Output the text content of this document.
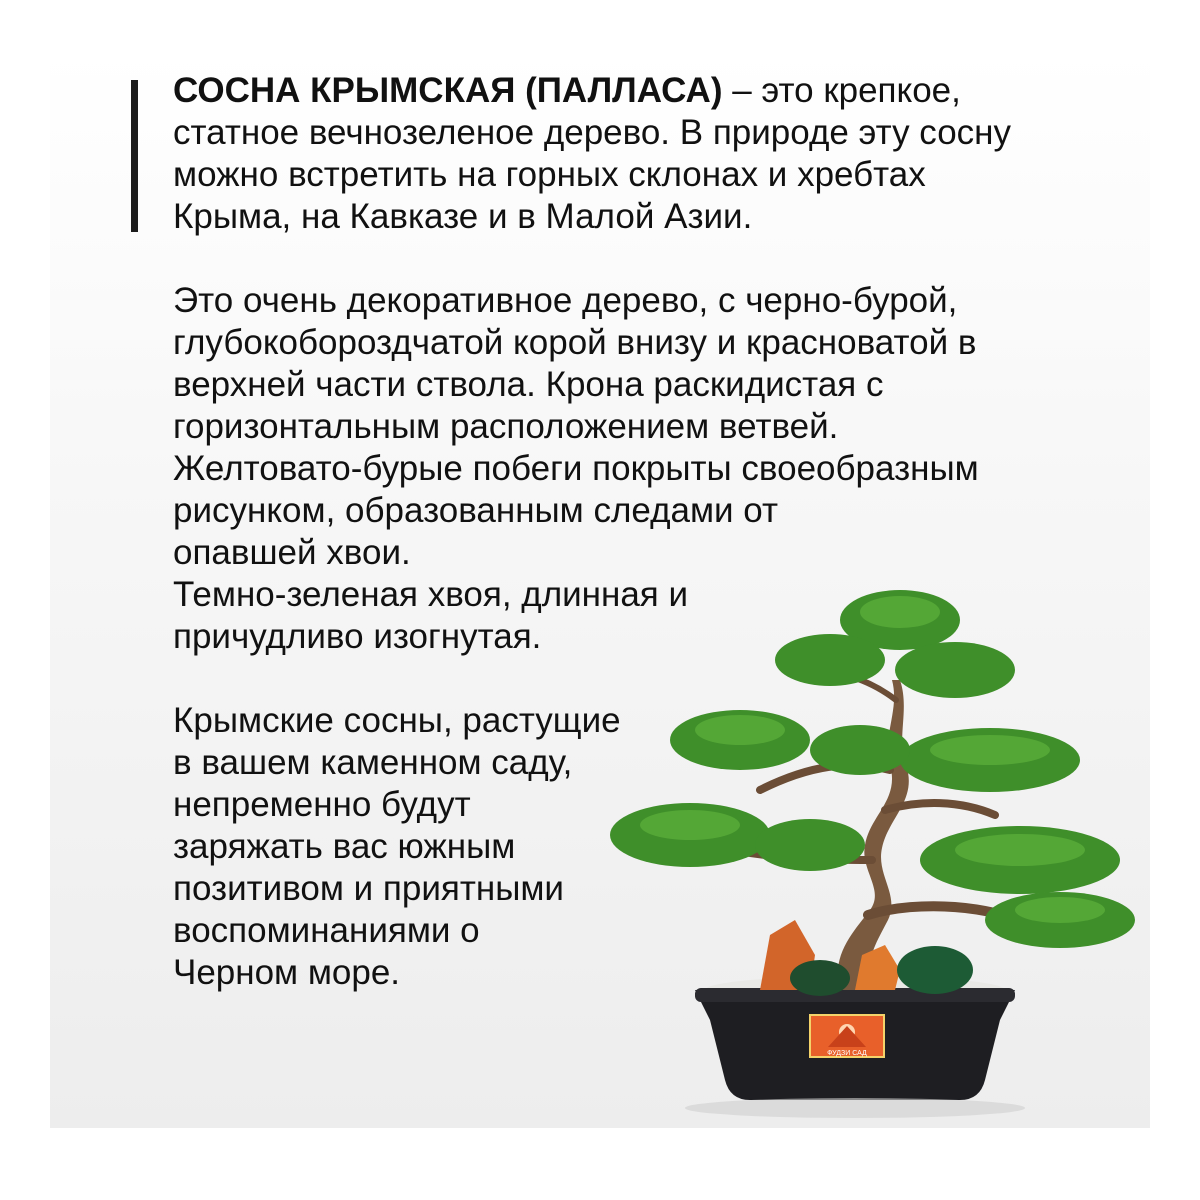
СОСНА КРЫМСКАЯ (ПАЛЛАСА) – это крепкое,

статное вечнозеленое дерево. В природе эту сосну

можно встретить на горных склонах и хребтах

Крыма, на Кавказе и в Малой Азии.

Это очень декоративное дерево, с черно-бурой,

глубокобороздчатой корой внизу и красноватой в

верхней части ствола. Крона раскидистая с

горизонтальным расположением ветвей.

Желтовато-бурые побеги покрыты своеобразным

рисунком, образованным следами от

опавшей хвои.

Темно-зеленая хвоя, длинная и

причудливо изогнутая.

Крымские сосны, растущие

в вашем каменном саду,

непременно будут

заряжать вас южным

позитивом и приятными

воспоминаниями о

Черном море.

ФУДЗИ САД
